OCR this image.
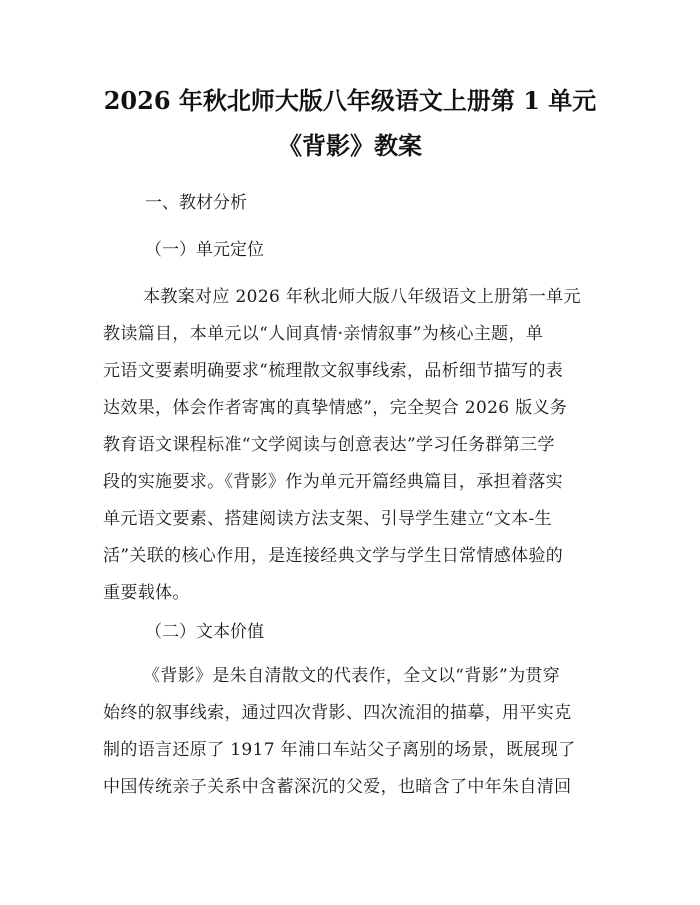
2026 年秋北师大版八年级语文上册第 1 单元
《背影》教案
一、教材分析
（一）单元定位
本教案对应 2026 年秋北师大版八年级语文上册第一单元
教读篇目，本单元以“人间真情·亲情叙事”为核心主题，单
元语文要素明确要求“梳理散文叙事线索，品析细节描写的表
达效果，体会作者寄寓的真挚情感”，完全契合 2026 版义务
教育语文课程标准“文学阅读与创意表达”学习任务群第三学
段的实施要求。《背影》作为单元开篇经典篇目，承担着落实
单元语文要素、搭建阅读方法支架、引导学生建立“文本-生
活”关联的核心作用，是连接经典文学与学生日常情感体验的
重要载体。
（二）文本价值
《背影》是朱自清散文的代表作，全文以“背影”为贯穿
始终的叙事线索，通过四次背影、四次流泪的描摹，用平实克
制的语言还原了 1917 年浦口车站父子离别的场景，既展现了
中国传统亲子关系中含蓄深沉的父爱，也暗含了中年朱自清回
